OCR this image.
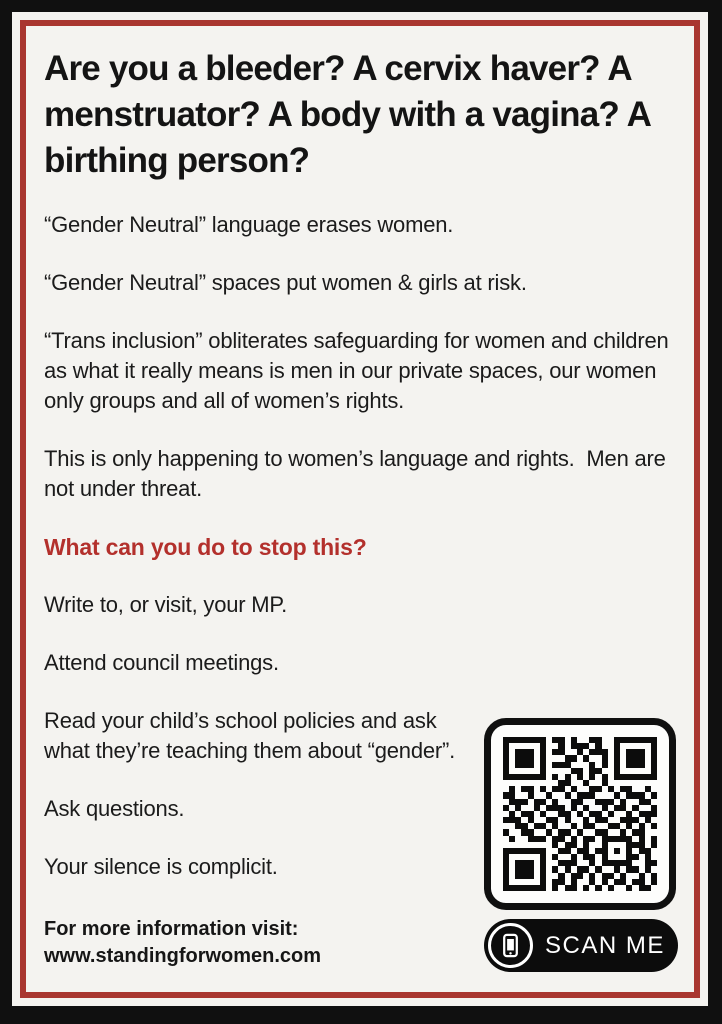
Are you a bleeder? A cervix haver? A menstruator? A body with a vagina? A birthing person?

“Gender Neutral” language erases women.

“Gender Neutral” spaces put women & girls at risk.

“Trans inclusion” obliterates safeguarding for women and children as what it really means is men in our private spaces, our women only groups and all of women’s rights.

This is only happening to women’s language and rights.  Men are not under threat.

What can you do to stop this?

Write to, or visit, your MP.

Attend council meetings.

Read your child’s school policies and ask what they’re teaching them about “gender”.

Ask questions.

Your silence is complicit.

For more information visit:
www.standingforwomen.com	SCAN ME
